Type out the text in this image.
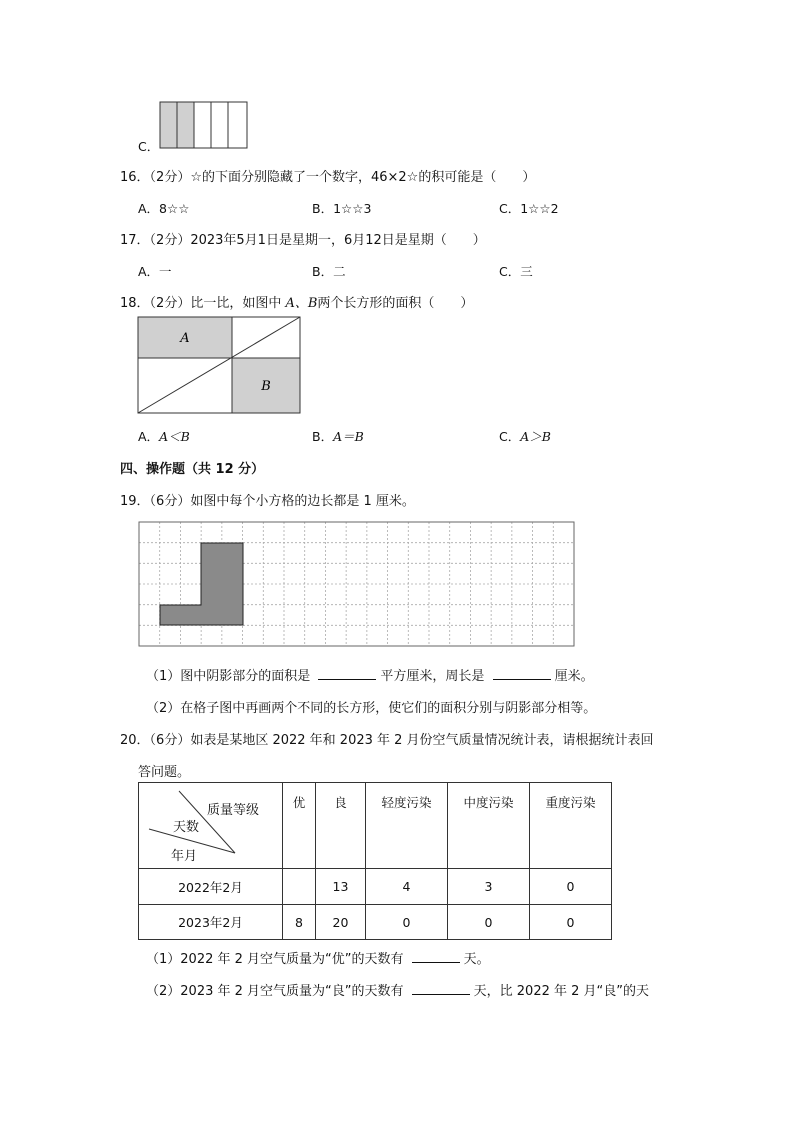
C．
16．（2分）☆的下面分别隐藏了一个数字，46×2☆的积可能是（　　）
A．8☆☆	B．1☆☆3	C．1☆☆2
17．（2分）2023年5月1日是星期一，6月12日是星期（　　）
A．一	B．二	C．三
18．（2分）比一比，如图中 A、B两个长方形的面积（　　）
A
B
A．A＜B	B．A＝B	C．A＞B
四、操作题（共 12 分）
19．（6分）如图中每个小方格的边长都是 1 厘米。
（1）图中阴影部分的面积是	平方厘米，周长是	厘米。
（2）在格子图中再画两个不同的长方形，使它们的面积分别与阴影部分相等。
20．（6分）如表是某地区 2022 年和 2023 年 2 月份空气质量情况统计表，请根据统计表回
答问题。
质量等级
天数
年月	优	良	轻度污染	中度污染	重度污染
2022年2月		13	4	3	0
2023年2月	8	20	0	0	0
（1）2022 年 2 月空气质量为“优”的天数有	天。
（2）2023 年 2 月空气质量为“良”的天数有	天，比 2022 年 2 月“良”的天
